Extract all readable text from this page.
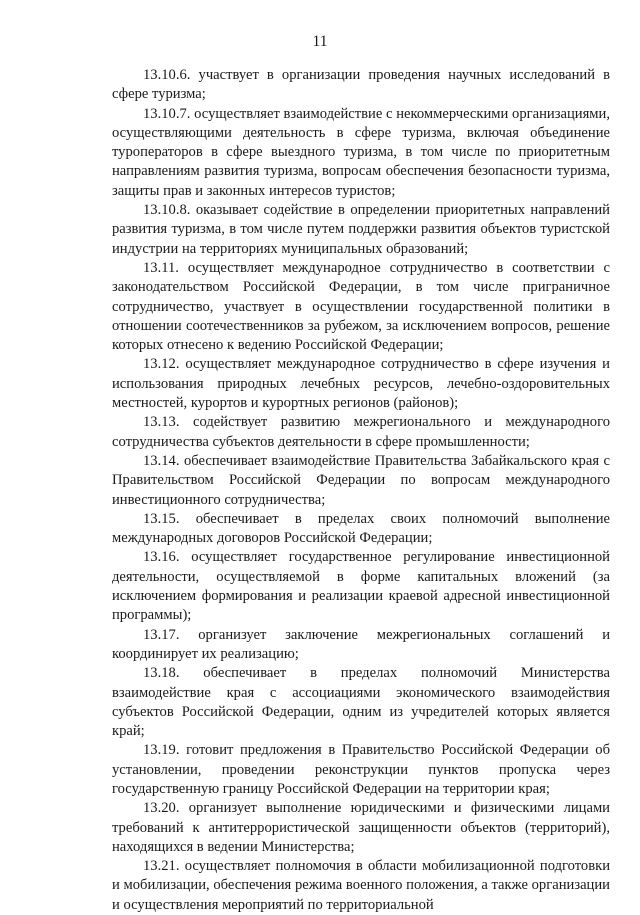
11

13.10.6. участвует в организации проведения научных исследований в сфере туризма;

13.10.7. осуществляет взаимодействие с некоммерческими организациями, осуществляющими деятельность в сфере туризма, включая объединение туроператоров в сфере выездного туризма, в том числе по приоритетным направлениям развития туризма, вопросам обеспечения безопасности туризма, защиты прав и законных интересов туристов;

13.10.8. оказывает содействие в определении приоритетных направлений развития туризма, в том числе путем поддержки развития объектов туристской индустрии на территориях муниципальных образований;

13.11. осуществляет международное сотрудничество в соответствии с законодательством Российской Федерации, в том числе приграничное сотрудничество, участвует в осуществлении государственной политики в отношении соотечественников за рубежом, за исключением вопросов, решение которых отнесено к ведению Российской Федерации;

13.12. осуществляет международное сотрудничество в сфере изучения и использования природных лечебных ресурсов, лечебно-оздоровительных местностей, курортов и курортных регионов (районов);

13.13. содействует развитию межрегионального и международного сотрудничества субъектов деятельности в сфере промышленности;

13.14. обеспечивает взаимодействие Правительства Забайкальского края с Правительством Российской Федерации по вопросам международного инвестиционного сотрудничества;

13.15. обеспечивает в пределах своих полномочий выполнение международных договоров Российской Федерации;

13.16. осуществляет государственное регулирование инвестиционной деятельности, осуществляемой в форме капитальных вложений (за исключением формирования и реализации краевой адресной инвестиционной программы);

13.17. организует заключение межрегиональных соглашений и координирует их реализацию;

13.18. обеспечивает в пределах полномочий Министерства взаимодействие края с ассоциациями экономического взаимодействия субъектов Российской Федерации, одним из учредителей которых является край;

13.19. готовит предложения в Правительство Российской Федерации об установлении, проведении реконструкции пунктов пропуска через государственную границу Российской Федерации на территории края;

13.20. организует выполнение юридическими и физическими лицами требований к антитеррористической защищенности объектов (территорий), находящихся в ведении Министерства;

13.21. осуществляет полномочия в области мобилизационной подготовки и мобилизации, обеспечения режима военного положения, а также организации и осуществления мероприятий по территориальной
